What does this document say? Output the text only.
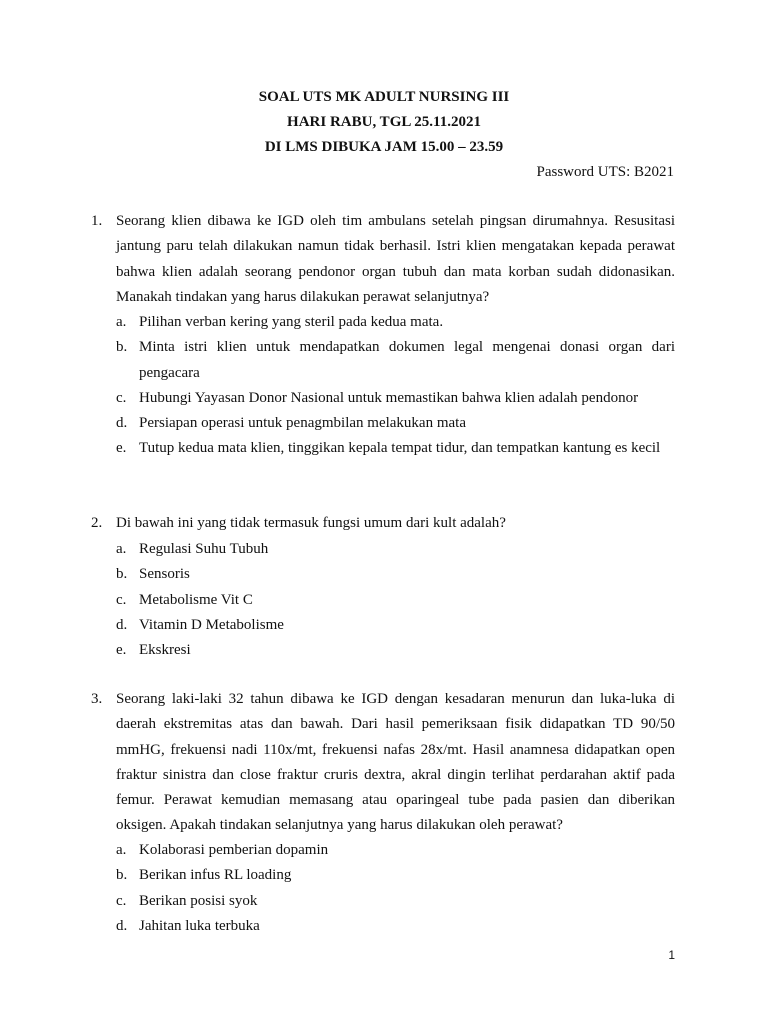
SOAL UTS MK ADULT NURSING III

HARI RABU, TGL 25.11.2021

DI LMS DIBUKA JAM 15.00 – 23.59

Password UTS: B2021

1. Seorang klien dibawa ke IGD oleh tim ambulans setelah pingsan dirumahnya. Resusitasi jantung paru telah dilakukan namun tidak berhasil. Istri klien mengatakan kepada perawat bahwa klien adalah seorang pendonor organ tubuh dan mata korban sudah didonasikan. Manakah tindakan yang harus dilakukan perawat selanjutnya?
a. Pilihan verban kering yang steril pada kedua mata.
b. Minta istri klien untuk mendapatkan dokumen legal mengenai donasi organ dari pengacara
c. Hubungi Yayasan Donor Nasional untuk memastikan bahwa klien adalah pendonor
d. Persiapan operasi untuk penagmbilan melakukan mata
e. Tutup kedua mata klien, tinggikan kepala tempat tidur, dan tempatkan kantung es kecil
2. Di bawah ini yang tidak termasuk fungsi umum dari kult adalah?
a. Regulasi Suhu Tubuh
b. Sensoris
c. Metabolisme Vit C
d. Vitamin D Metabolisme
e. Ekskresi
3. Seorang laki-laki 32 tahun dibawa ke IGD dengan kesadaran menurun dan luka-luka di daerah ekstremitas atas dan bawah. Dari hasil pemeriksaan fisik didapatkan TD 90/50 mmHG, frekuensi nadi 110x/mt, frekuensi nafas 28x/mt. Hasil anamnesa didapatkan open fraktur sinistra dan close fraktur cruris dextra, akral dingin terlihat perdarahan aktif pada femur. Perawat kemudian memasang atau oparingeal tube pada pasien dan diberikan oksigen. Apakah tindakan selanjutnya yang harus dilakukan oleh perawat?
a. Kolaborasi pemberian dopamin
b. Berikan infus RL loading
c. Berikan posisi syok
d. Jahitan luka terbuka
1
